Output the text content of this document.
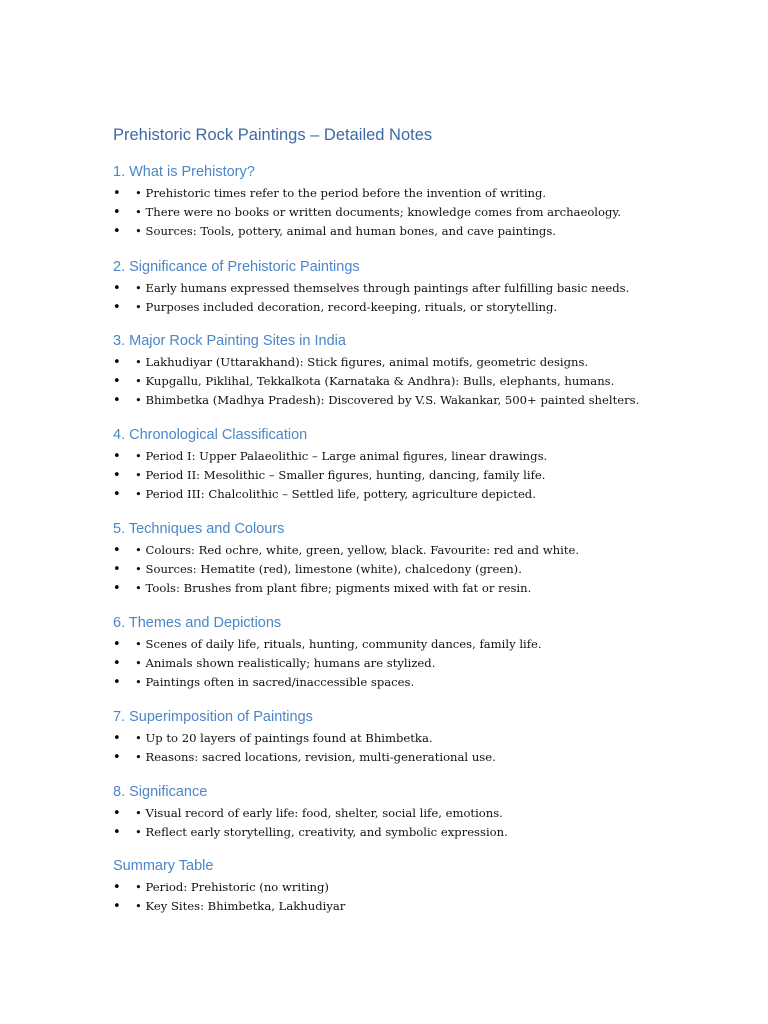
Prehistoric Rock Paintings – Detailed Notes
1. What is Prehistory?
• • Prehistoric times refer to the period before the invention of writing.
• • There were no books or written documents; knowledge comes from archaeology.
• • Sources: Tools, pottery, animal and human bones, and cave paintings.
2. Significance of Prehistoric Paintings
• • Early humans expressed themselves through paintings after fulfilling basic needs.
• • Purposes included decoration, record-keeping, rituals, or storytelling.
3. Major Rock Painting Sites in India
• • Lakhudiyar (Uttarakhand): Stick figures, animal motifs, geometric designs.
• • Kupgallu, Piklihal, Tekkalkota (Karnataka & Andhra): Bulls, elephants, humans.
• • Bhimbetka (Madhya Pradesh): Discovered by V.S. Wakankar, 500+ painted shelters.
4. Chronological Classification
• • Period I: Upper Palaeolithic – Large animal figures, linear drawings.
• • Period II: Mesolithic – Smaller figures, hunting, dancing, family life.
• • Period III: Chalcolithic – Settled life, pottery, agriculture depicted.
5. Techniques and Colours
• • Colours: Red ochre, white, green, yellow, black. Favourite: red and white.
• • Sources: Hematite (red), limestone (white), chalcedony (green).
• • Tools: Brushes from plant fibre; pigments mixed with fat or resin.
6. Themes and Depictions
• • Scenes of daily life, rituals, hunting, community dances, family life.
• • Animals shown realistically; humans are stylized.
• • Paintings often in sacred/inaccessible spaces.
7. Superimposition of Paintings
• • Up to 20 layers of paintings found at Bhimbetka.
• • Reasons: sacred locations, revision, multi-generational use.
8. Significance
• • Visual record of early life: food, shelter, social life, emotions.
• • Reflect early storytelling, creativity, and symbolic expression.
Summary Table
• • Period: Prehistoric (no writing)
• • Key Sites: Bhimbetka, Lakhudiyar
